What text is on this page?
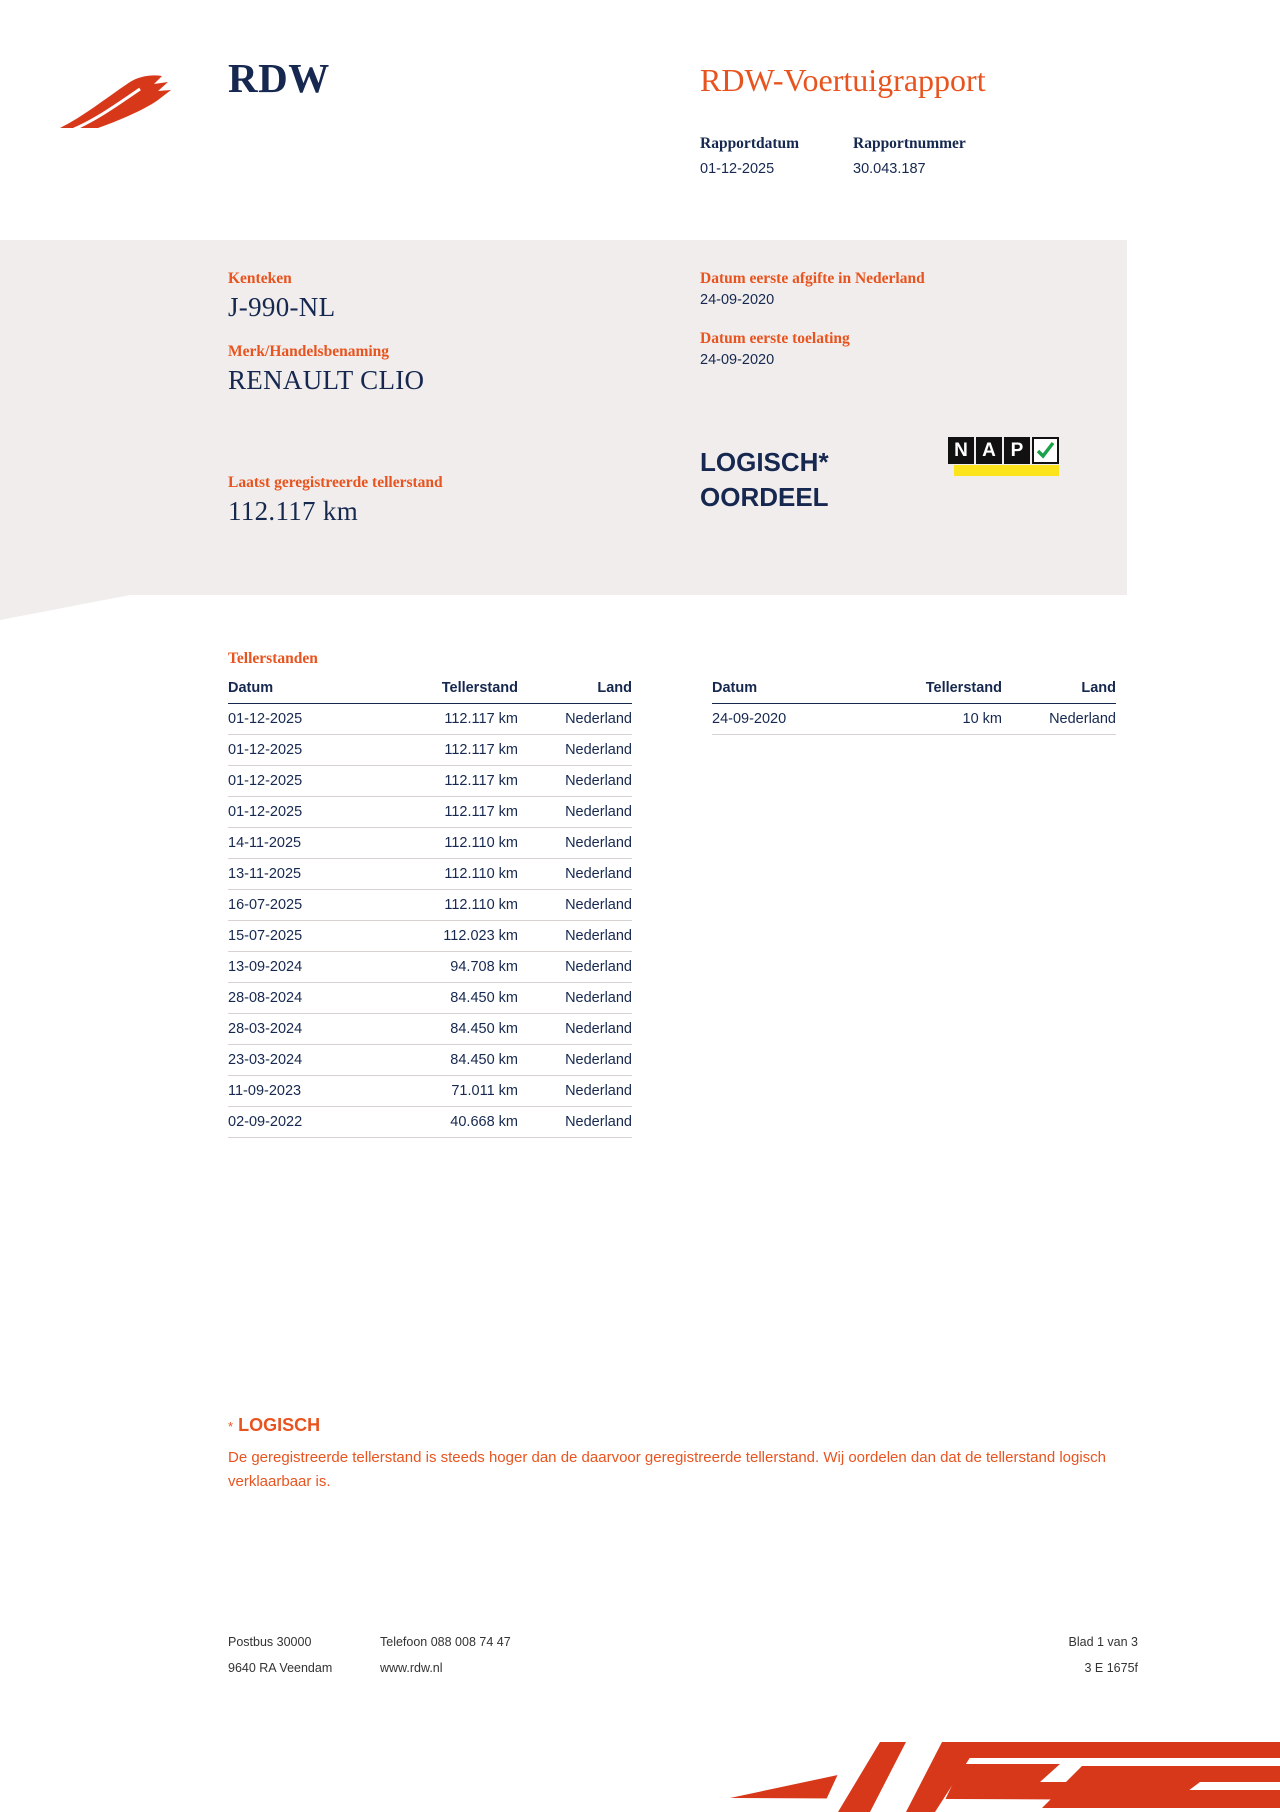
RDW	RDW-Voertuigrapport
Rapportdatum
01-12-2025
Rapportnummer
30.043.187
Kenteken
J-990-NL
Merk/Handelsbenaming
RENAULT CLIO
Laatst geregistreerde tellerstand
112.117 km
Datum eerste afgifte in Nederland
24-09-2020
Datum eerste toelating
24-09-2020
LOGISCH*
OORDEEL
N A P
Tellerstanden
Datum	Tellerstand	Land
01-12-2025	112.117 km	Nederland
01-12-2025	112.117 km	Nederland
01-12-2025	112.117 km	Nederland
01-12-2025	112.117 km	Nederland
14-11-2025	112.110 km	Nederland
13-11-2025	112.110 km	Nederland
16-07-2025	112.110 km	Nederland
15-07-2025	112.023 km	Nederland
13-09-2024	94.708 km	Nederland
28-08-2024	84.450 km	Nederland
28-03-2024	84.450 km	Nederland
23-03-2024	84.450 km	Nederland
11-09-2023	71.011 km	Nederland
02-09-2022	40.668 km	Nederland
Datum	Tellerstand	Land
24-09-2020	10 km	Nederland
* LOGISCH
De geregistreerde tellerstand is steeds hoger dan de daarvoor geregistreerde tellerstand. Wij oordelen dan dat de tellerstand logisch verklaarbaar is.
Postbus 30000	Telefoon 088 008 74 47	Blad 1 van 3
9640 RA Veendam	www.rdw.nl	3 E 1675f
